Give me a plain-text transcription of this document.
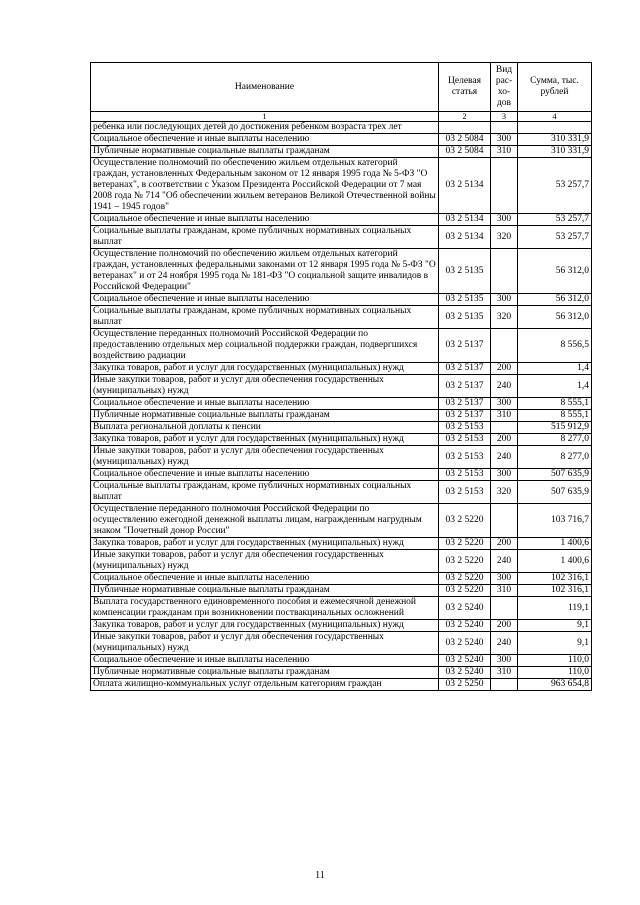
Наименование	Целевая статья	Вид рас- хо- дов	Сумма, тыс. рублей
1	2	3	4
ребенка или последующих детей до достижения ребенком возраста трех лет			
Социальное обеспечение и иные выплаты населению	03 2 5084	300	310 331,9
Публичные нормативные социальные выплаты гражданам	03 2 5084	310	310 331,9
Осуществление полномочий по обеспечению жильем отдельных категорий граждан, установленных Федеральным законом от 12 января 1995 года № 5-ФЗ "О ветеранах", в соответствии с Указом Президента Российской Федерации от 7 мая 2008 года № 714 "Об обеспечении жильем ветеранов Великой Отечественной войны 1941 – 1945 годов"	03 2 5134		53 257,7
Социальное обеспечение и иные выплаты населению	03 2 5134	300	53 257,7
Социальные выплаты гражданам, кроме публичных нормативных социальных выплат	03 2 5134	320	53 257,7
Осуществление полномочий по обеспечению жильем отдельных категорий граждан, установленных федеральными законами от 12 января 1995 года № 5-ФЗ "О ветеранах" и от 24 ноября 1995 года № 181-ФЗ "О социальной защите инвалидов в Российской Федерации"	03 2 5135		56 312,0
Социальное обеспечение и иные выплаты населению	03 2 5135	300	56 312,0
Социальные выплаты гражданам, кроме публичных нормативных социальных выплат	03 2 5135	320	56 312,0
Осуществление переданных полномочий Российской Федерации по предоставлению отдельных мер социальной поддержки граждан, подвергшихся воздействию радиации	03 2 5137		8 556,5
Закупка товаров, работ и услуг для государственных (муниципальных) нужд	03 2 5137	200	1,4
Иные закупки товаров, работ и услуг для обеспечения государственных (муниципальных) нужд	03 2 5137	240	1,4
Социальное обеспечение и иные выплаты населению	03 2 5137	300	8 555,1
Публичные нормативные социальные выплаты гражданам	03 2 5137	310	8 555,1
Выплата региональной доплаты к пенсии	03 2 5153		515 912,9
Закупка товаров, работ и услуг для государственных (муниципальных) нужд	03 2 5153	200	8 277,0
Иные закупки товаров, работ и услуг для обеспечения государственных (муниципальных) нужд	03 2 5153	240	8 277,0
Социальное обеспечение и иные выплаты населению	03 2 5153	300	507 635,9
Социальные выплаты гражданам, кроме публичных нормативных социальных выплат	03 2 5153	320	507 635,9
Осуществление переданного полномочия Российской Федерации по осуществлению ежегодной денежной выплаты лицам, награжденным нагрудным знаком "Почетный донор России"	03 2 5220		103 716,7
Закупка товаров, работ и услуг для государственных (муниципальных) нужд	03 2 5220	200	1 400,6
Иные закупки товаров, работ и услуг для обеспечения государственных (муниципальных) нужд	03 2 5220	240	1 400,6
Социальное обеспечение и иные выплаты населению	03 2 5220	300	102 316,1
Публичные нормативные социальные выплаты гражданам	03 2 5220	310	102 316,1
Выплата государственного единовременного пособия и ежемесячной денежной компенсации гражданам при возникновении поствакцинальных осложнений	03 2 5240		119,1
Закупка товаров, работ и услуг для государственных (муниципальных) нужд	03 2 5240	200	9,1
Иные закупки товаров, работ и услуг для обеспечения государственных (муниципальных) нужд	03 2 5240	240	9,1
Социальное обеспечение и иные выплаты населению	03 2 5240	300	110,0
Публичные нормативные социальные выплаты гражданам	03 2 5240	310	110,0
Оплата жилищно-коммунальных услуг отдельным категориям граждан	03 2 5250		963 654,8
11
